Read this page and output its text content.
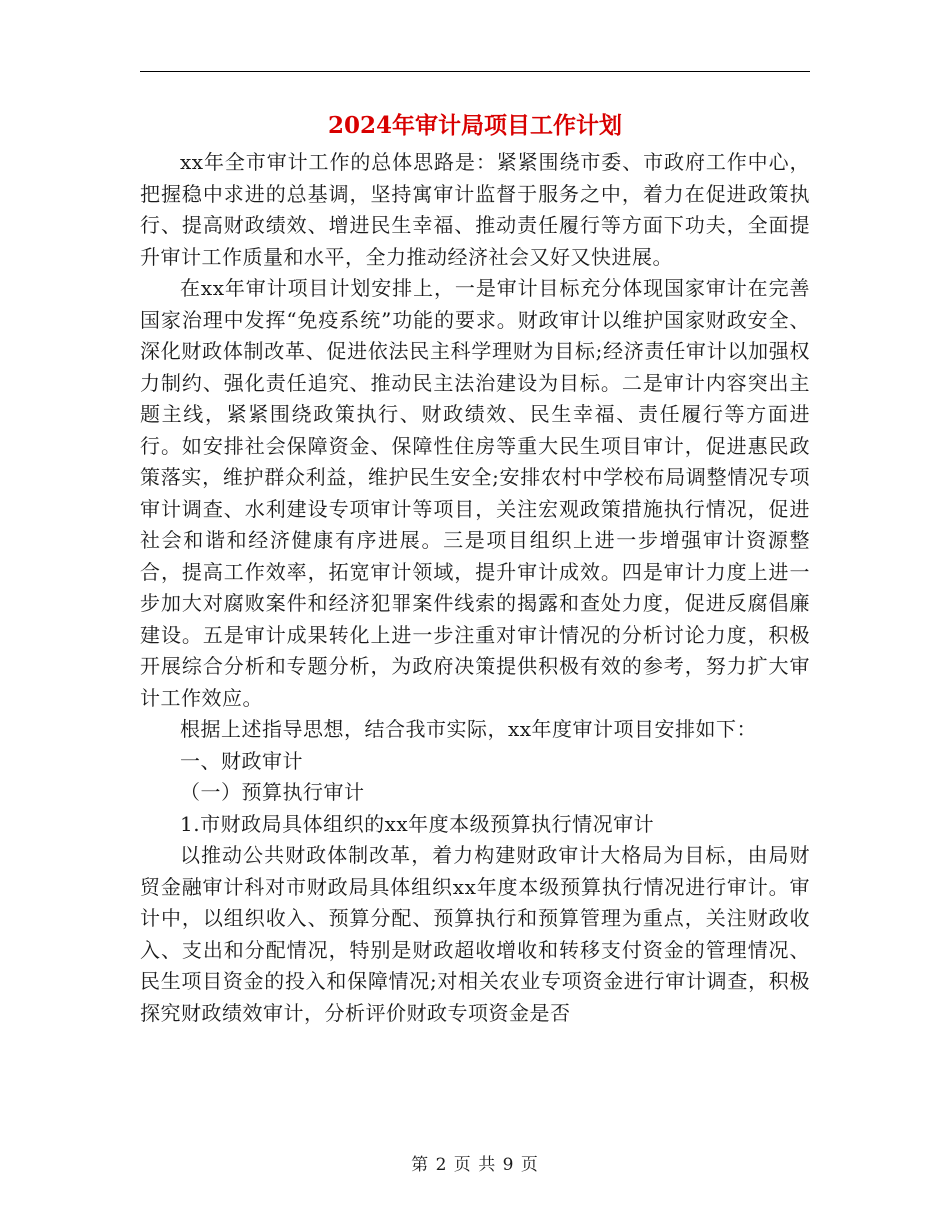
2024年审计局项目工作计划

xx年全市审计工作的总体思路是：紧紧围绕市委、市政府工作中心，把握稳中求进的总基调，坚持寓审计监督于服务之中，着力在促进政策执行、提高财政绩效、增进民生幸福、推动责任履行等方面下功夫，全面提升审计工作质量和水平，全力推动经济社会又好又快进展。

在xx年审计项目计划安排上，一是审计目标充分体现国家审计在完善国家治理中发挥“免疫系统”功能的要求。财政审计以维护国家财政安全、深化财政体制改革、促进依法民主科学理财为目标;经济责任审计以加强权力制约、强化责任追究、推动民主法治建设为目标。二是审计内容突出主题主线，紧紧围绕政策执行、财政绩效、民生幸福、责任履行等方面进行。如安排社会保障资金、保障性住房等重大民生项目审计，促进惠民政策落实，维护群众利益，维护民生安全;安排农村中学校布局调整情况专项审计调查、水利建设专项审计等项目，关注宏观政策措施执行情况，促进社会和谐和经济健康有序进展。三是项目组织上进一步增强审计资源整合，提高工作效率，拓宽审计领域，提升审计成效。四是审计力度上进一步加大对腐败案件和经济犯罪案件线索的揭露和查处力度，促进反腐倡廉建设。五是审计成果转化上进一步注重对审计情况的分析讨论力度，积极开展综合分析和专题分析，为政府决策提供积极有效的参考，努力扩大审计工作效应。

根据上述指导思想，结合我市实际，xx年度审计项目安排如下：

一、财政审计

（一）预算执行审计

1.市财政局具体组织的xx年度本级预算执行情况审计

以推动公共财政体制改革，着力构建财政审计大格局为目标，由局财贸金融审计科对市财政局具体组织xx年度本级预算执行情况进行审计。审计中，以组织收入、预算分配、预算执行和预算管理为重点，关注财政收入、支出和分配情况，特别是财政超收增收和转移支付资金的管理情况、民生项目资金的投入和保障情况;对相关农业专项资金进行审计调查，积极探究财政绩效审计，分析评价财政专项资金是否

第 2 页 共 9 页
